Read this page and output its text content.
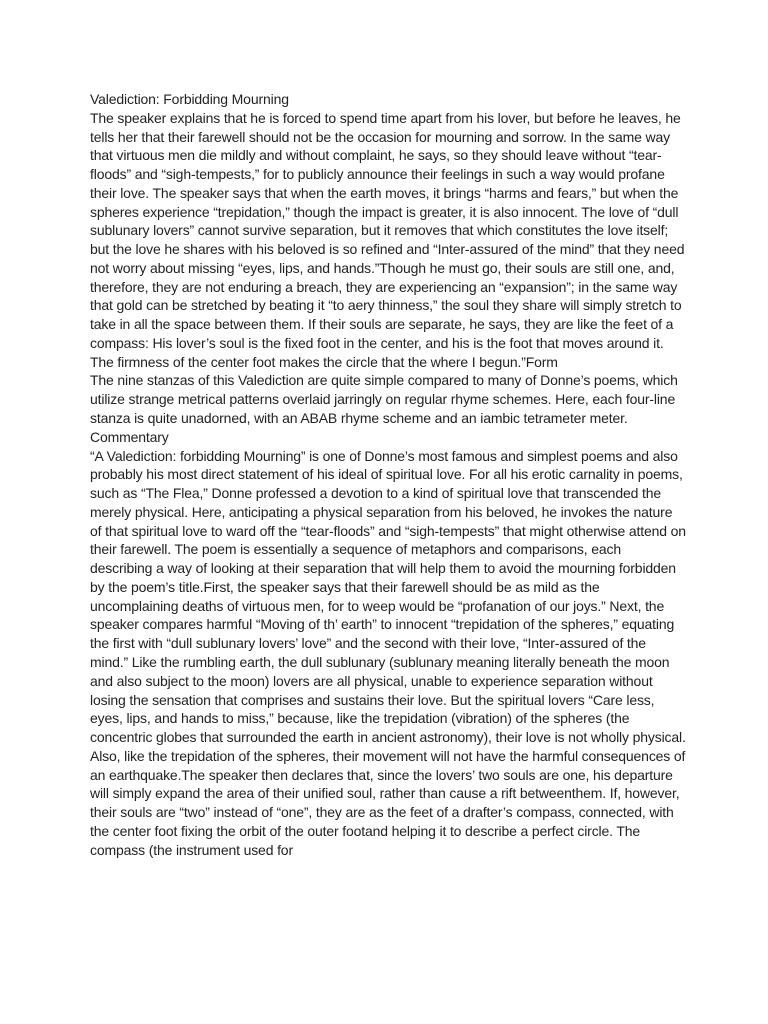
Valediction: Forbidding Mourning

The speaker explains that he is forced to spend time apart from his lover, but before he leaves, he tells her that their farewell should not be the occasion for mourning and sorrow. In the same way that virtuous men die mildly and without complaint, he says, so they should leave without “tear-floods” and “sigh-tempests,” for to publicly announce their feelings in such a way would profane their love. The speaker says that when the earth moves, it brings “harms and fears,” but when the spheres experience “trepidation,” though the impact is greater, it is also innocent. The love of “dull sublunary lovers” cannot survive separation, but it removes that which constitutes the love itself; but the love he shares with his beloved is so refined and “Inter-assured of the mind” that they need not worry about missing “eyes, lips, and hands.”Though he must go, their souls are still one, and, therefore, they are not enduring a breach, they are experiencing an “expansion”; in the same way that gold can be stretched by beating it “to aery thinness,” the soul they share will simply stretch to take in all the space between them. If their souls are separate, he says, they are like the feet of a compass: His lover’s soul is the fixed foot in the center, and his is the foot that moves around it. The firmness of the center foot makes the circle that the where I begun.”Form

The nine stanzas of this Valediction are quite simple compared to many of Donne’s poems, which utilize strange metrical patterns overlaid jarringly on regular rhyme schemes. Here, each four-line stanza is quite unadorned, with an ABAB rhyme scheme and an iambic tetrameter meter.

Commentary

“A Valediction: forbidding Mourning” is one of Donne’s most famous and simplest poems and also probably his most direct statement of his ideal of spiritual love. For all his erotic carnality in poems, such as “The Flea,” Donne professed a devotion to a kind of spiritual love that transcended the merely physical. Here, anticipating a physical separation from his beloved, he invokes the nature of that spiritual love to ward off the “tear-floods” and “sigh-tempests” that might otherwise attend on their farewell. The poem is essentially a sequence of metaphors and comparisons, each describing a way of looking at their separation that will help them to avoid the mourning forbidden by the poem’s title.First, the speaker says that their farewell should be as mild as the uncomplaining deaths of virtuous men, for to weep would be “profanation of our joys.” Next, the speaker compares harmful “Moving of th’ earth” to innocent “trepidation of the spheres,” equating the first with “dull sublunary lovers’ love” and the second with their love, “Inter-assured of the mind.” Like the rumbling earth, the dull sublunary (sublunary meaning literally beneath the moon and also subject to the moon) lovers are all physical, unable to experience separation without losing the sensation that comprises and sustains their love. But the spiritual lovers “Care less, eyes, lips, and hands to miss,” because, like the trepidation (vibration) of the spheres (the concentric globes that surrounded the earth in ancient astronomy), their love is not wholly physical. Also, like the trepidation of the spheres, their movement will not have the harmful consequences of an earthquake.The speaker then declares that, since the lovers’ two souls are one, his departure will simply expand the area of their unified soul, rather than cause a rift betweenthem. If, however, their souls are “two” instead of “one”, they are as the feet of a drafter’s compass, connected, with the center foot fixing the orbit of the outer footand helping it to describe a perfect circle. The compass (the instrument used for
